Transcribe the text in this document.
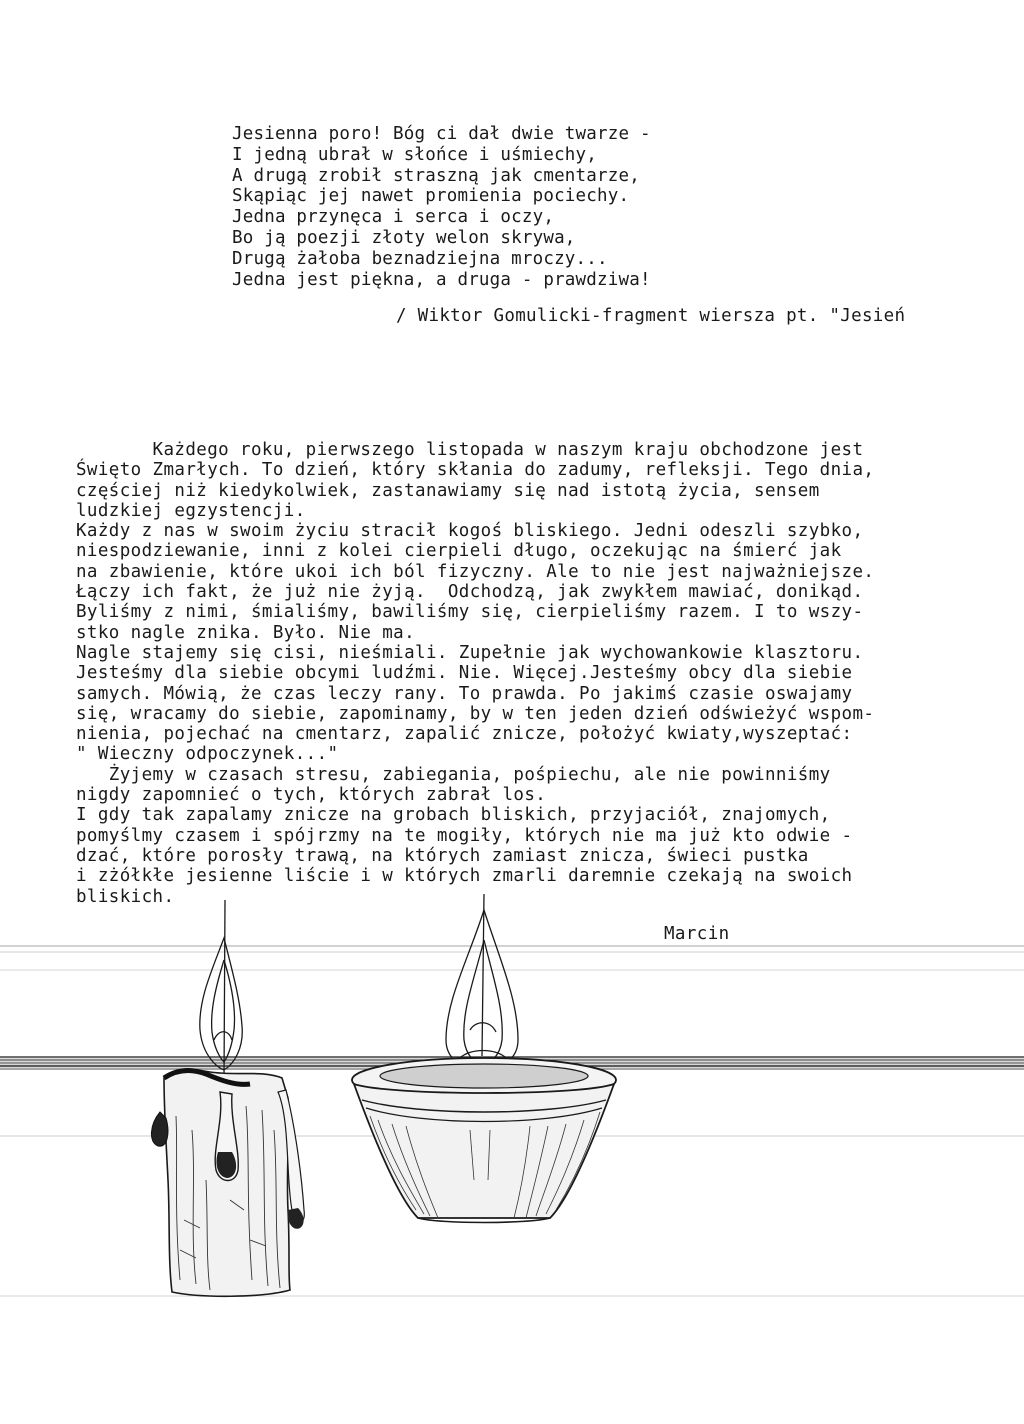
Jesienna poro! Bóg ci dał dwie twarze -
I jedną ubrał w słońce i uśmiechy,
A drugą zrobił straszną jak cmentarze,
Skąpiąc jej nawet promienia pociechy.
Jedna przynęca i serca i oczy,
Bo ją poezji złoty welon skrywa,
Drugą żałoba beznadziejna mroczy...
Jedna jest piękna, a druga - prawdziwa!
/ Wiktor Gomulicki-fragment wiersza pt. "Jesień
Każdego roku, pierwszego listopada w naszym kraju obchodzone jest
Święto Zmarłych. To dzień, który skłania do zadumy, refleksji. Tego dnia,
częściej niż kiedykolwiek, zastanawiamy się nad istotą życia, sensem
ludzkiej egzystencji.
Każdy z nas w swoim życiu stracił kogoś bliskiego. Jedni odeszli szybko,
niespodziewanie, inni z kolei cierpieli długo, oczekując na śmierć jak
na zbawienie, które ukoi ich ból fizyczny. Ale to nie jest najważniejsze.
Łączy ich fakt, że już nie żyją.  Odchodzą, jak zwykłem mawiać, donikąd.
Byliśmy z nimi, śmialiśmy, bawiliśmy się, cierpieliśmy razem. I to wszy-
stko nagle znika. Było. Nie ma.
Nagle stajemy się cisi, nieśmiali. Zupełnie jak wychowankowie klasztoru.
Jesteśmy dla siebie obcymi ludźmi. Nie. Więcej.Jesteśmy obcy dla siebie
samych. Mówią, że czas leczy rany. To prawda. Po jakimś czasie oswajamy
się, wracamy do siebie, zapominamy, by w ten jeden dzień odświeżyć wspom-
nienia, pojechać na cmentarz, zapalić znicze, położyć kwiaty,wyszeptać:
" Wieczny odpoczynek..."
Żyjemy w czasach stresu, zabiegania, pośpiechu, ale nie powinniśmy
nigdy zapomnieć o tych, których zabrał los.
I gdy tak zapalamy znicze na grobach bliskich, przyjaciół, znajomych,
pomyślmy czasem i spójrzmy na te mogiły, których nie ma już kto odwie -
dzać, które porosły trawą, na których zamiast znicza, świeci pustka
i zżółkłe jesienne liście i w których zmarli daremnie czekają na swoich
bliskich.
Marcin
